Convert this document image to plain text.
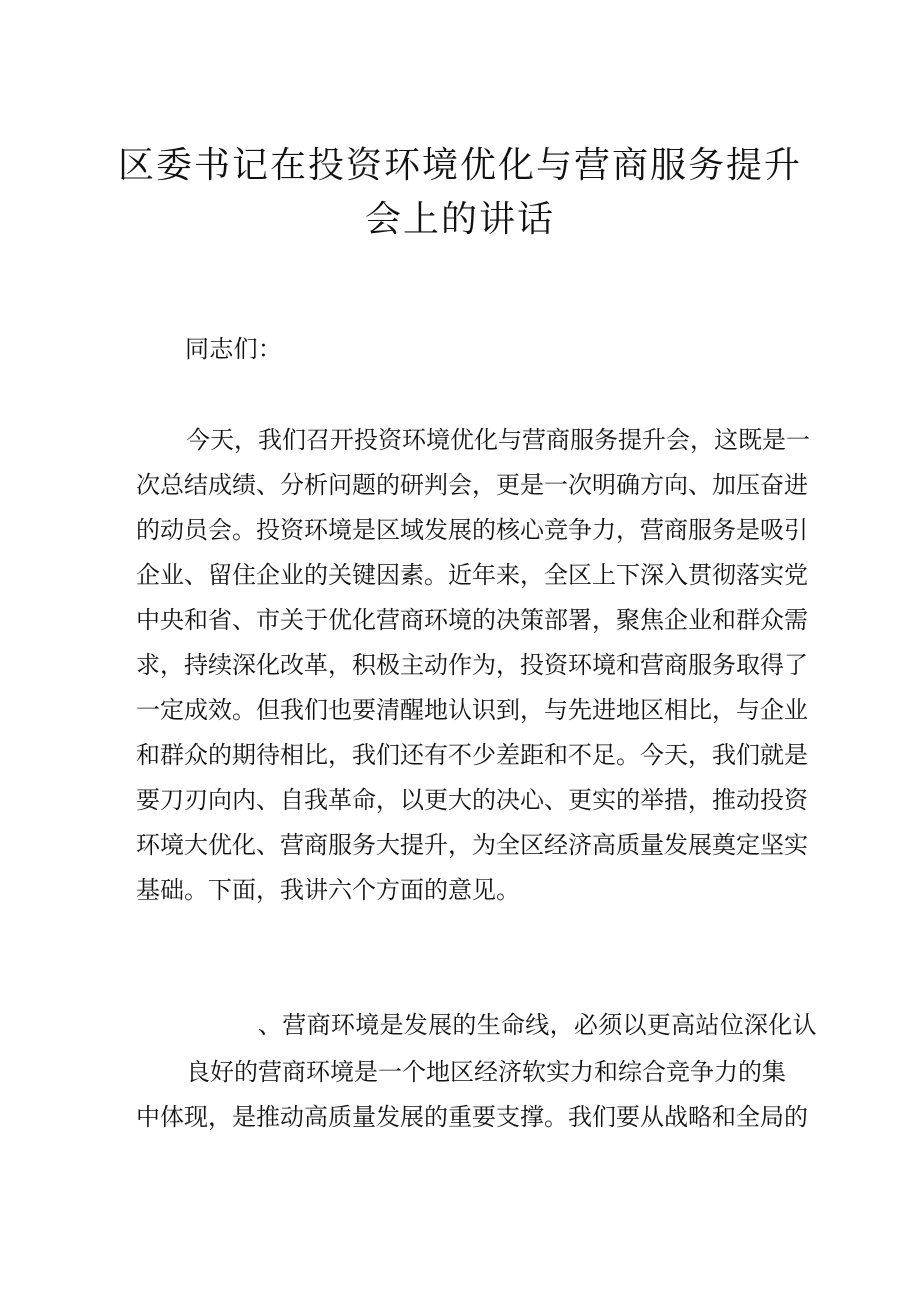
区委书记在投资环境优化与营商服务提升
会上的讲话
同志们：
今天，我们召开投资环境优化与营商服务提升会，这既是一
次总结成绩、分析问题的研判会，更是一次明确方向、加压奋进
的动员会。投资环境是区域发展的核心竞争力，营商服务是吸引
企业、留住企业的关键因素。近年来，全区上下深入贯彻落实党
中央和省、市关于优化营商环境的决策部署，聚焦企业和群众需
求，持续深化改革，积极主动作为，投资环境和营商服务取得了
一定成效。但我们也要清醒地认识到，与先进地区相比，与企业
和群众的期待相比，我们还有不少差距和不足。今天，我们就是
要刀刃向内、自我革命，以更大的决心、更实的举措，推动投资
环境大优化、营商服务大提升，为全区经济高质量发展奠定坚实
基础。下面，我讲六个方面的意见。
、营商环境是发展的生命线，必须以更高站位深化认
良好的营商环境是一个地区经济软实力和综合竞争力的集
中体现，是推动高质量发展的重要支撑。我们要从战略和全局的
